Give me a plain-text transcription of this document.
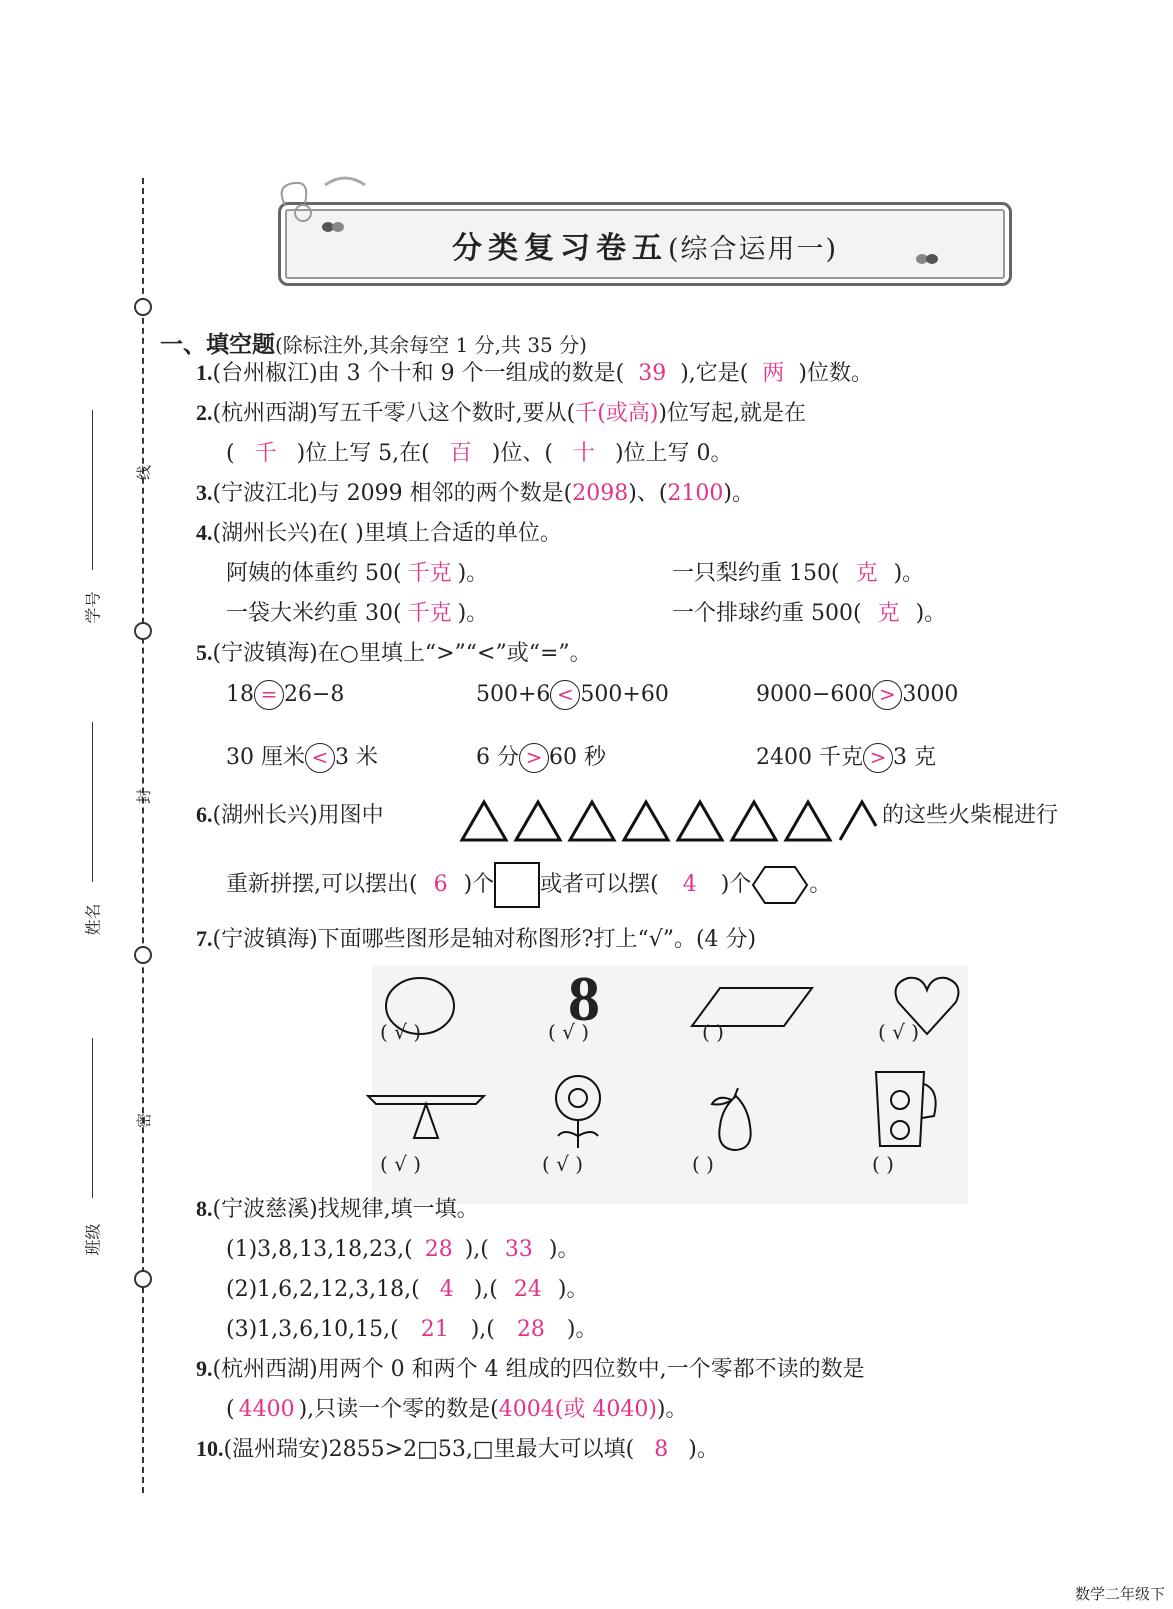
线
封
密
学号
姓名
班级
分类复习卷五(综合运用一)
一、填空题(除标注外,其余每空 1 分,共 35 分)
1.(台州椒江)由 3 个十和 9 个一组成的数是( 39 ),它是( 两 )位数。
2.(杭州西湖)写五千零八这个数时,要从(千(或高))位写起,就是在
( 千 )位上写 5,在( 百 )位、( 十 )位上写 0。
3.(宁波江北)与 2099 相邻的两个数是(2098)、(2100)。
4.(湖州长兴)在( )里填上合适的单位。
阿姨的体重约 50( 千克 )。	一只梨约重 150( 克 )。
一袋大米约重 30( 千克 )。	一个排球约重 500( 克 )。
5.(宁波镇海)在○里填上“>”“<”或“=”。
18 = 26−8	500+6 < 500+60	9000−600 > 3000
30 厘米 < 3 米	6 分 > 60 秒	2400 千克 > 3 克
6.(湖州长兴)用图中	的这些火柴棍进行
重新拼摆,可以摆出( 6 )个 或者可以摆( 4 )个	。
7.(宁波镇海)下面哪些图形是轴对称图形?打上“√”。(4 分)
8
( √ )	( √ )	( )	( √ )
( √ )	( √ )	( )	( )
8.(宁波慈溪)找规律,填一填。
(1)3,8,13,18,23,( 28 ),( 33 )。
(2)1,6,2,12,3,18,( 4 ),( 24 )。
(3)1,3,6,10,15,( 21 ),( 28 )。
9.(杭州西湖)用两个 0 和两个 4 组成的四位数中,一个零都不读的数是
( 4400 ),只读一个零的数是(4004(或 4040))。
10.(温州瑞安)2855>2□53,□里最大可以填( 8 )。
数学二年级下
